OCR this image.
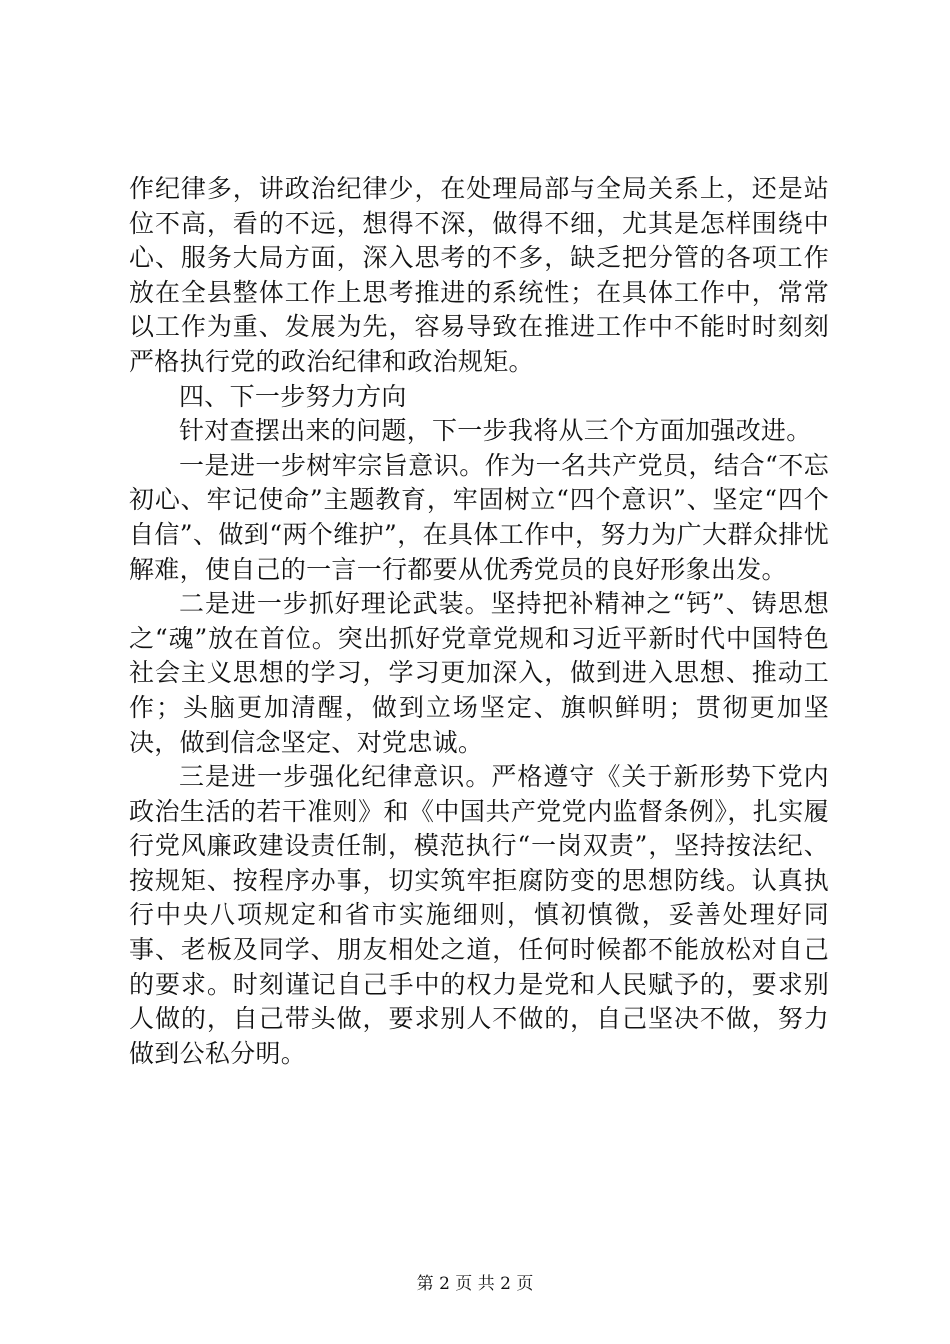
作纪律多，讲政治纪律少，在处理局部与全局关系上，还是站位不高，看的不远，想得不深，做得不细，尤其是怎样围绕中心、服务大局方面，深入思考的不多，缺乏把分管的各项工作放在全县整体工作上思考推进的系统性；在具体工作中，常常以工作为重、发展为先，容易导致在推进工作中不能时时刻刻严格执行党的政治纪律和政治规矩。

四、下一步努力方向

针对查摆出来的问题，下一步我将从三个方面加强改进。

一是进一步树牢宗旨意识。作为一名共产党员，结合“不忘初心、牢记使命”主题教育，牢固树立“四个意识”、坚定“四个自信”、做到“两个维护”，在具体工作中，努力为广大群众排忧解难，使自己的一言一行都要从优秀党员的良好形象出发。

二是进一步抓好理论武装。坚持把补精神之“钙”、铸思想之“魂”放在首位。突出抓好党章党规和习近平新时代中国特色社会主义思想的学习，学习更加深入，做到进入思想、推动工作；头脑更加清醒，做到立场坚定、旗帜鲜明；贯彻更加坚决，做到信念坚定、对党忠诚。

三是进一步强化纪律意识。严格遵守《关于新形势下党内政治生活的若干准则》和《中国共产党党内监督条例》，扎实履行党风廉政建设责任制，模范执行“一岗双责”，坚持按法纪、按规矩、按程序办事，切实筑牢拒腐防变的思想防线。认真执行中央八项规定和省市实施细则，慎初慎微，妥善处理好同事、老板及同学、朋友相处之道，任何时候都不能放松对自己的要求。时刻谨记自己手中的权力是党和人民赋予的，要求别人做的，自己带头做，要求别人不做的，自己坚决不做，努力做到公私分明。

第 2 页 共 2 页
